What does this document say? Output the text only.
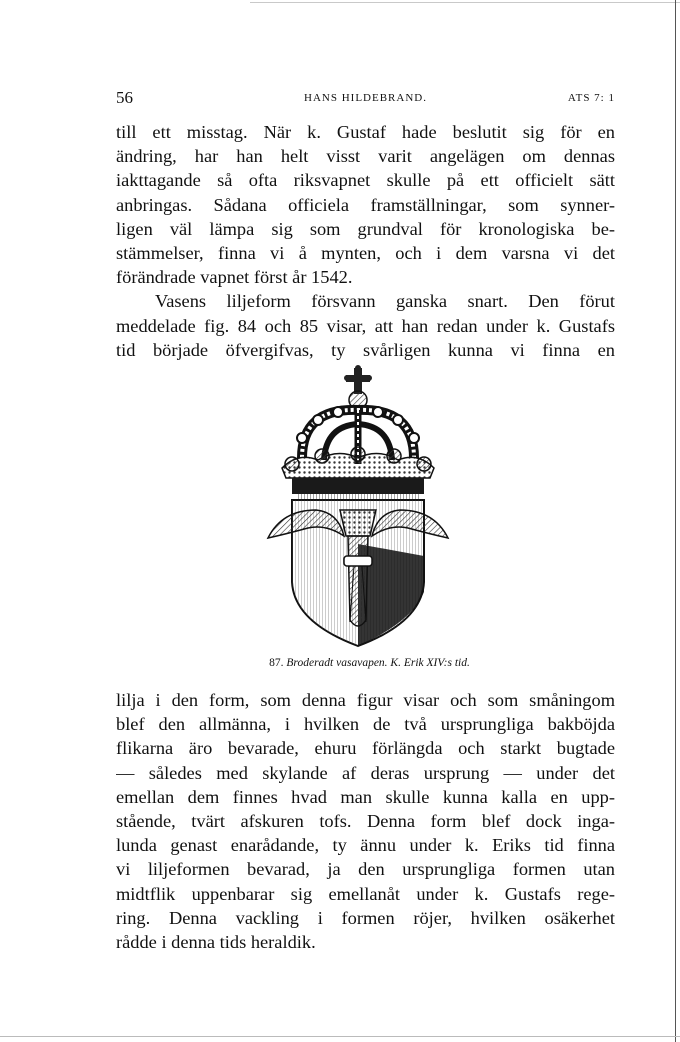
56	HANS HILDEBRAND.	ATS 7: 1
till ett misstag. När k. Gustaf hade beslutit sig för en
ändring, har han helt visst varit angelägen om dennas
iakttagande så ofta riksvapnet skulle på ett officielt sätt
anbringas. Sådana officiela framställningar, som synner-
ligen väl lämpa sig som grundval för kronologiska be-
stämmelser, finna vi å mynten, och i dem varsna vi det
förändrade vapnet först år 1542.
Vasens liljeform försvann ganska snart. Den förut
meddelade fig. 84 och 85 visar, att han redan under k. Gustafs
tid började öfvergifvas, ty svårligen kunna vi finna en
87. Broderadt vasavapen. K. Erik XIV:s tid.
lilja i den form, som denna figur visar och som småningom
blef den allmänna, i hvilken de två ursprungliga bakböjda
flikarna äro bevarade, ehuru förlängda och starkt bugtade
— således med skylande af deras ursprung — under det
emellan dem finnes hvad man skulle kunna kalla en upp-
stående, tvärt afskuren tofs. Denna form blef dock inga-
lunda genast enarådande, ty ännu under k. Eriks tid finna
vi liljeformen bevarad, ja den ursprungliga formen utan
midtflik uppenbarar sig emellanåt under k. Gustafs rege-
ring. Denna vackling i formen röjer, hvilken osäkerhet
rådde i denna tids heraldik.
